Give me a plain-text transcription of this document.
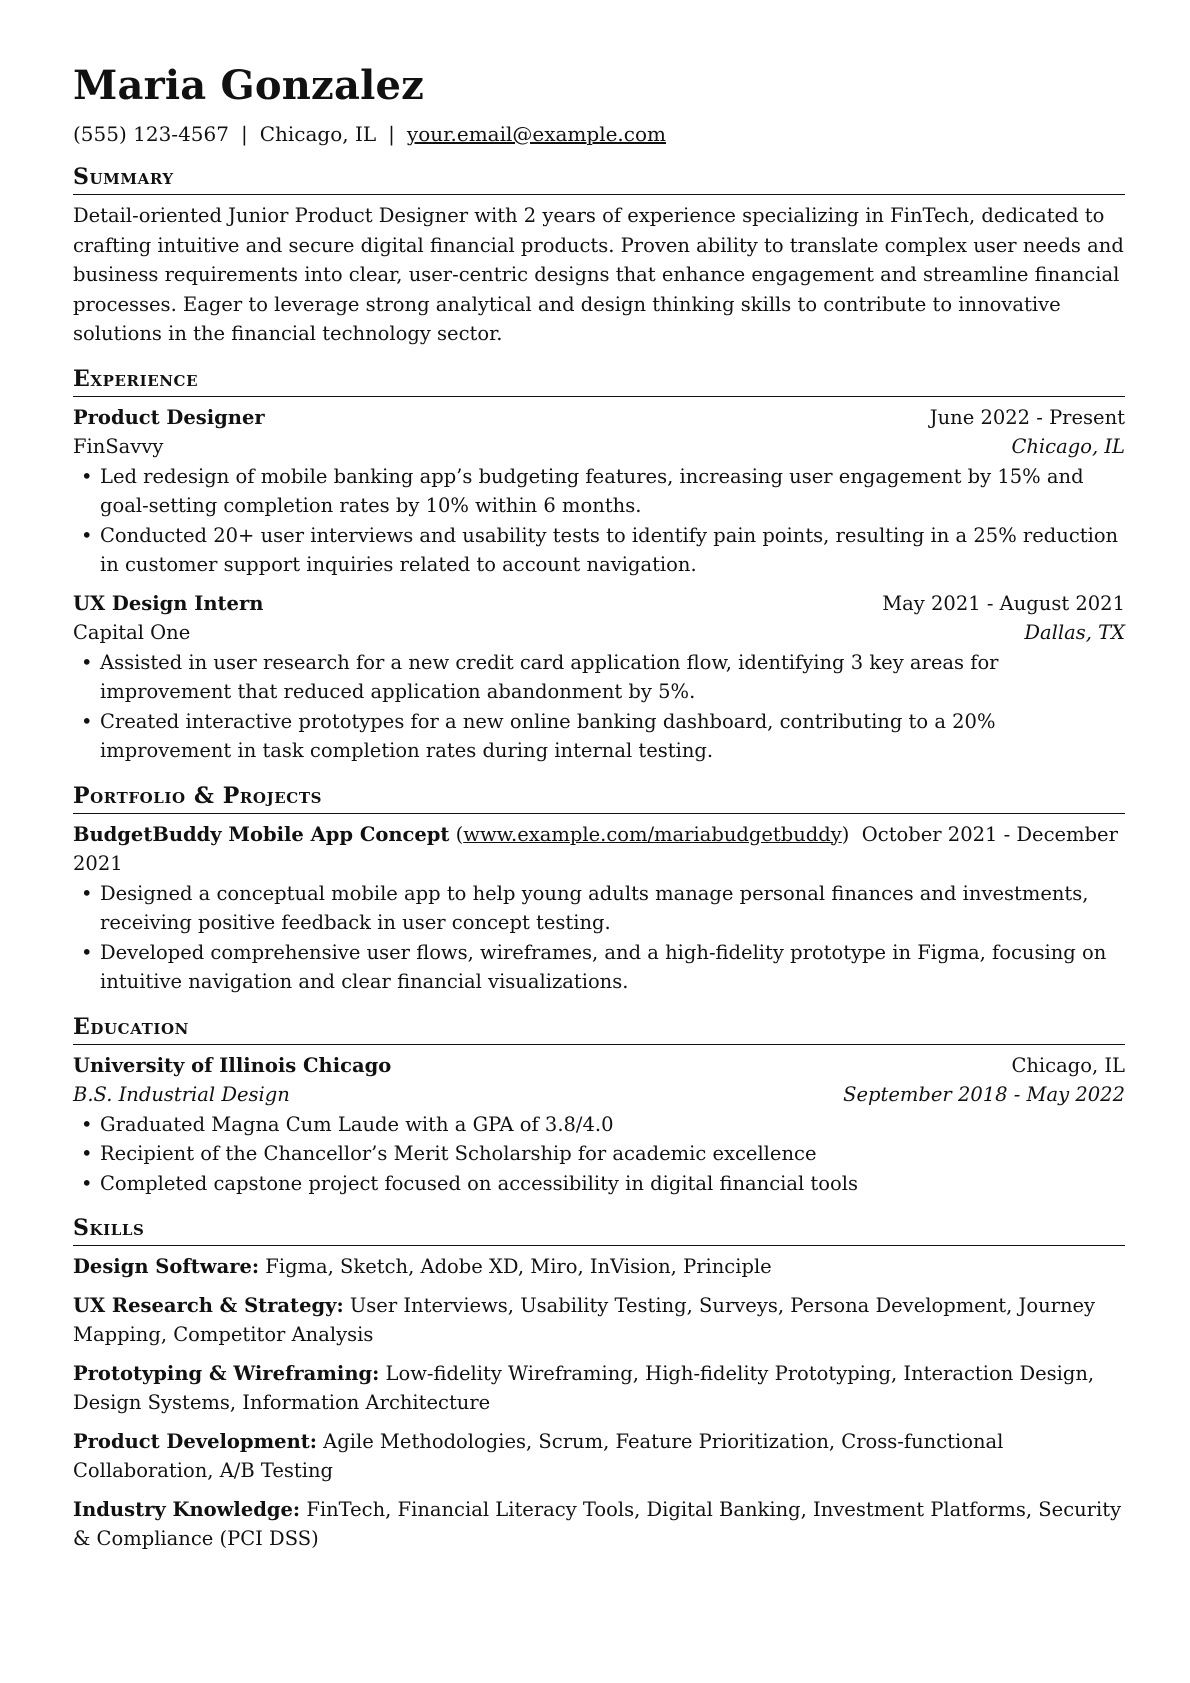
Maria Gonzalez
(555) 123-4567 | Chicago, IL | your.email@example.com
Summary
Detail-oriented Junior Product Designer with 2 years of experience specializing in FinTech, dedicated to crafting intuitive and secure digital financial products. Proven ability to translate complex user needs and business requirements into clear, user-centric designs that enhance engagement and streamline financial processes. Eager to leverage strong analytical and design thinking skills to contribute to innovative solutions in the financial technology sector.
Experience
Product Designer	June 2022 - Present
FinSavvy	Chicago, IL
• Led redesign of mobile banking app’s budgeting features, increasing user engagement by 15% and goal-setting completion rates by 10% within 6 months.
• Conducted 20+ user interviews and usability tests to identify pain points, resulting in a 25% reduction in customer support inquiries related to account navigation.
UX Design Intern	May 2021 - August 2021
Capital One	Dallas, TX
• Assisted in user research for a new credit card application flow, identifying 3 key areas for improvement that reduced application abandonment by 5%.
• Created interactive prototypes for a new online banking dashboard, contributing to a 20% improvement in task completion rates during internal testing.
Portfolio & Projects
BudgetBuddy Mobile App Concept (www.example.com/mariabudgetbuddy)  October 2021 - December 2021
• Designed a conceptual mobile app to help young adults manage personal finances and investments, receiving positive feedback in user concept testing.
• Developed comprehensive user flows, wireframes, and a high-fidelity prototype in Figma, focusing on intuitive navigation and clear financial visualizations.
Education
University of Illinois Chicago	Chicago, IL
B.S. Industrial Design	September 2018 - May 2022
• Graduated Magna Cum Laude with a GPA of 3.8/4.0
• Recipient of the Chancellor’s Merit Scholarship for academic excellence
• Completed capstone project focused on accessibility in digital financial tools
Skills
Design Software: Figma, Sketch, Adobe XD, Miro, InVision, Principle
UX Research & Strategy: User Interviews, Usability Testing, Surveys, Persona Development, Journey Mapping, Competitor Analysis
Prototyping & Wireframing: Low-fidelity Wireframing, High-fidelity Prototyping, Interaction Design, Design Systems, Information Architecture
Product Development: Agile Methodologies, Scrum, Feature Prioritization, Cross-functional Collaboration, A/B Testing
Industry Knowledge: FinTech, Financial Literacy Tools, Digital Banking, Investment Platforms, Security & Compliance (PCI DSS)
